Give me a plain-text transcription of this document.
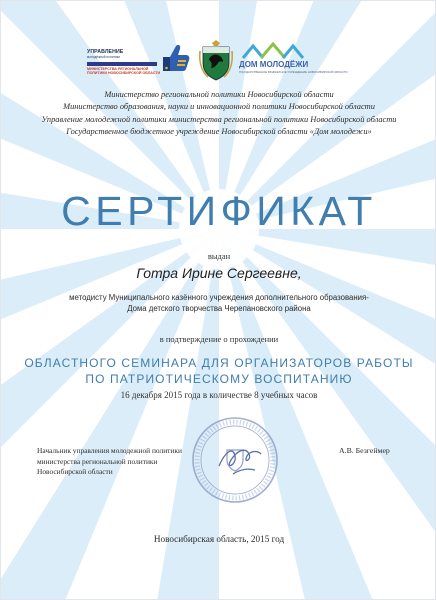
УПРАВЛЕНИЕ
молодёжной политики
МИНИСТЕРСТВА РЕГИОНАЛЬНОЙ ПОЛИТИКИ НОВОСИБИРСКОЙ ОБЛАСТИ
ДОМ МОЛОДЁЖИ
ГОСУДАРСТВЕННОЕ БЮДЖЕТНОЕ УЧРЕЖДЕНИЕ НОВОСИБИРСКОЙ ОБЛАСТИ
Министерство региональной политики Новосибирской области
Министерство образования, науки и инновационной политики Новосибирской области
Управление молодежной политики министерства региональной политики Новосибирской области
Государственное бюджетное учреждение Новосибирской области «Дом молодежи»
СЕРТИФИКАТ
выдан
Готра Ирине Сергеевне,
методисту Муниципального казённого учреждения дополнительного образования-
Дома детского творчества Черепановского района
в подтверждение о прохождении
ОБЛАСТНОГО СЕМИНАРА ДЛЯ ОРГАНИЗАТОРОВ РАБОТЫ
ПО ПАТРИОТИЧЕСКОМУ ВОСПИТАНИЮ
16 декабря 2015 года в количестве 8 учебных часов
Начальник управления молодежной политики
министерства региональной политики
Новосибирской области
А.В. Безгеймер
Новосибирская область, 2015 год
